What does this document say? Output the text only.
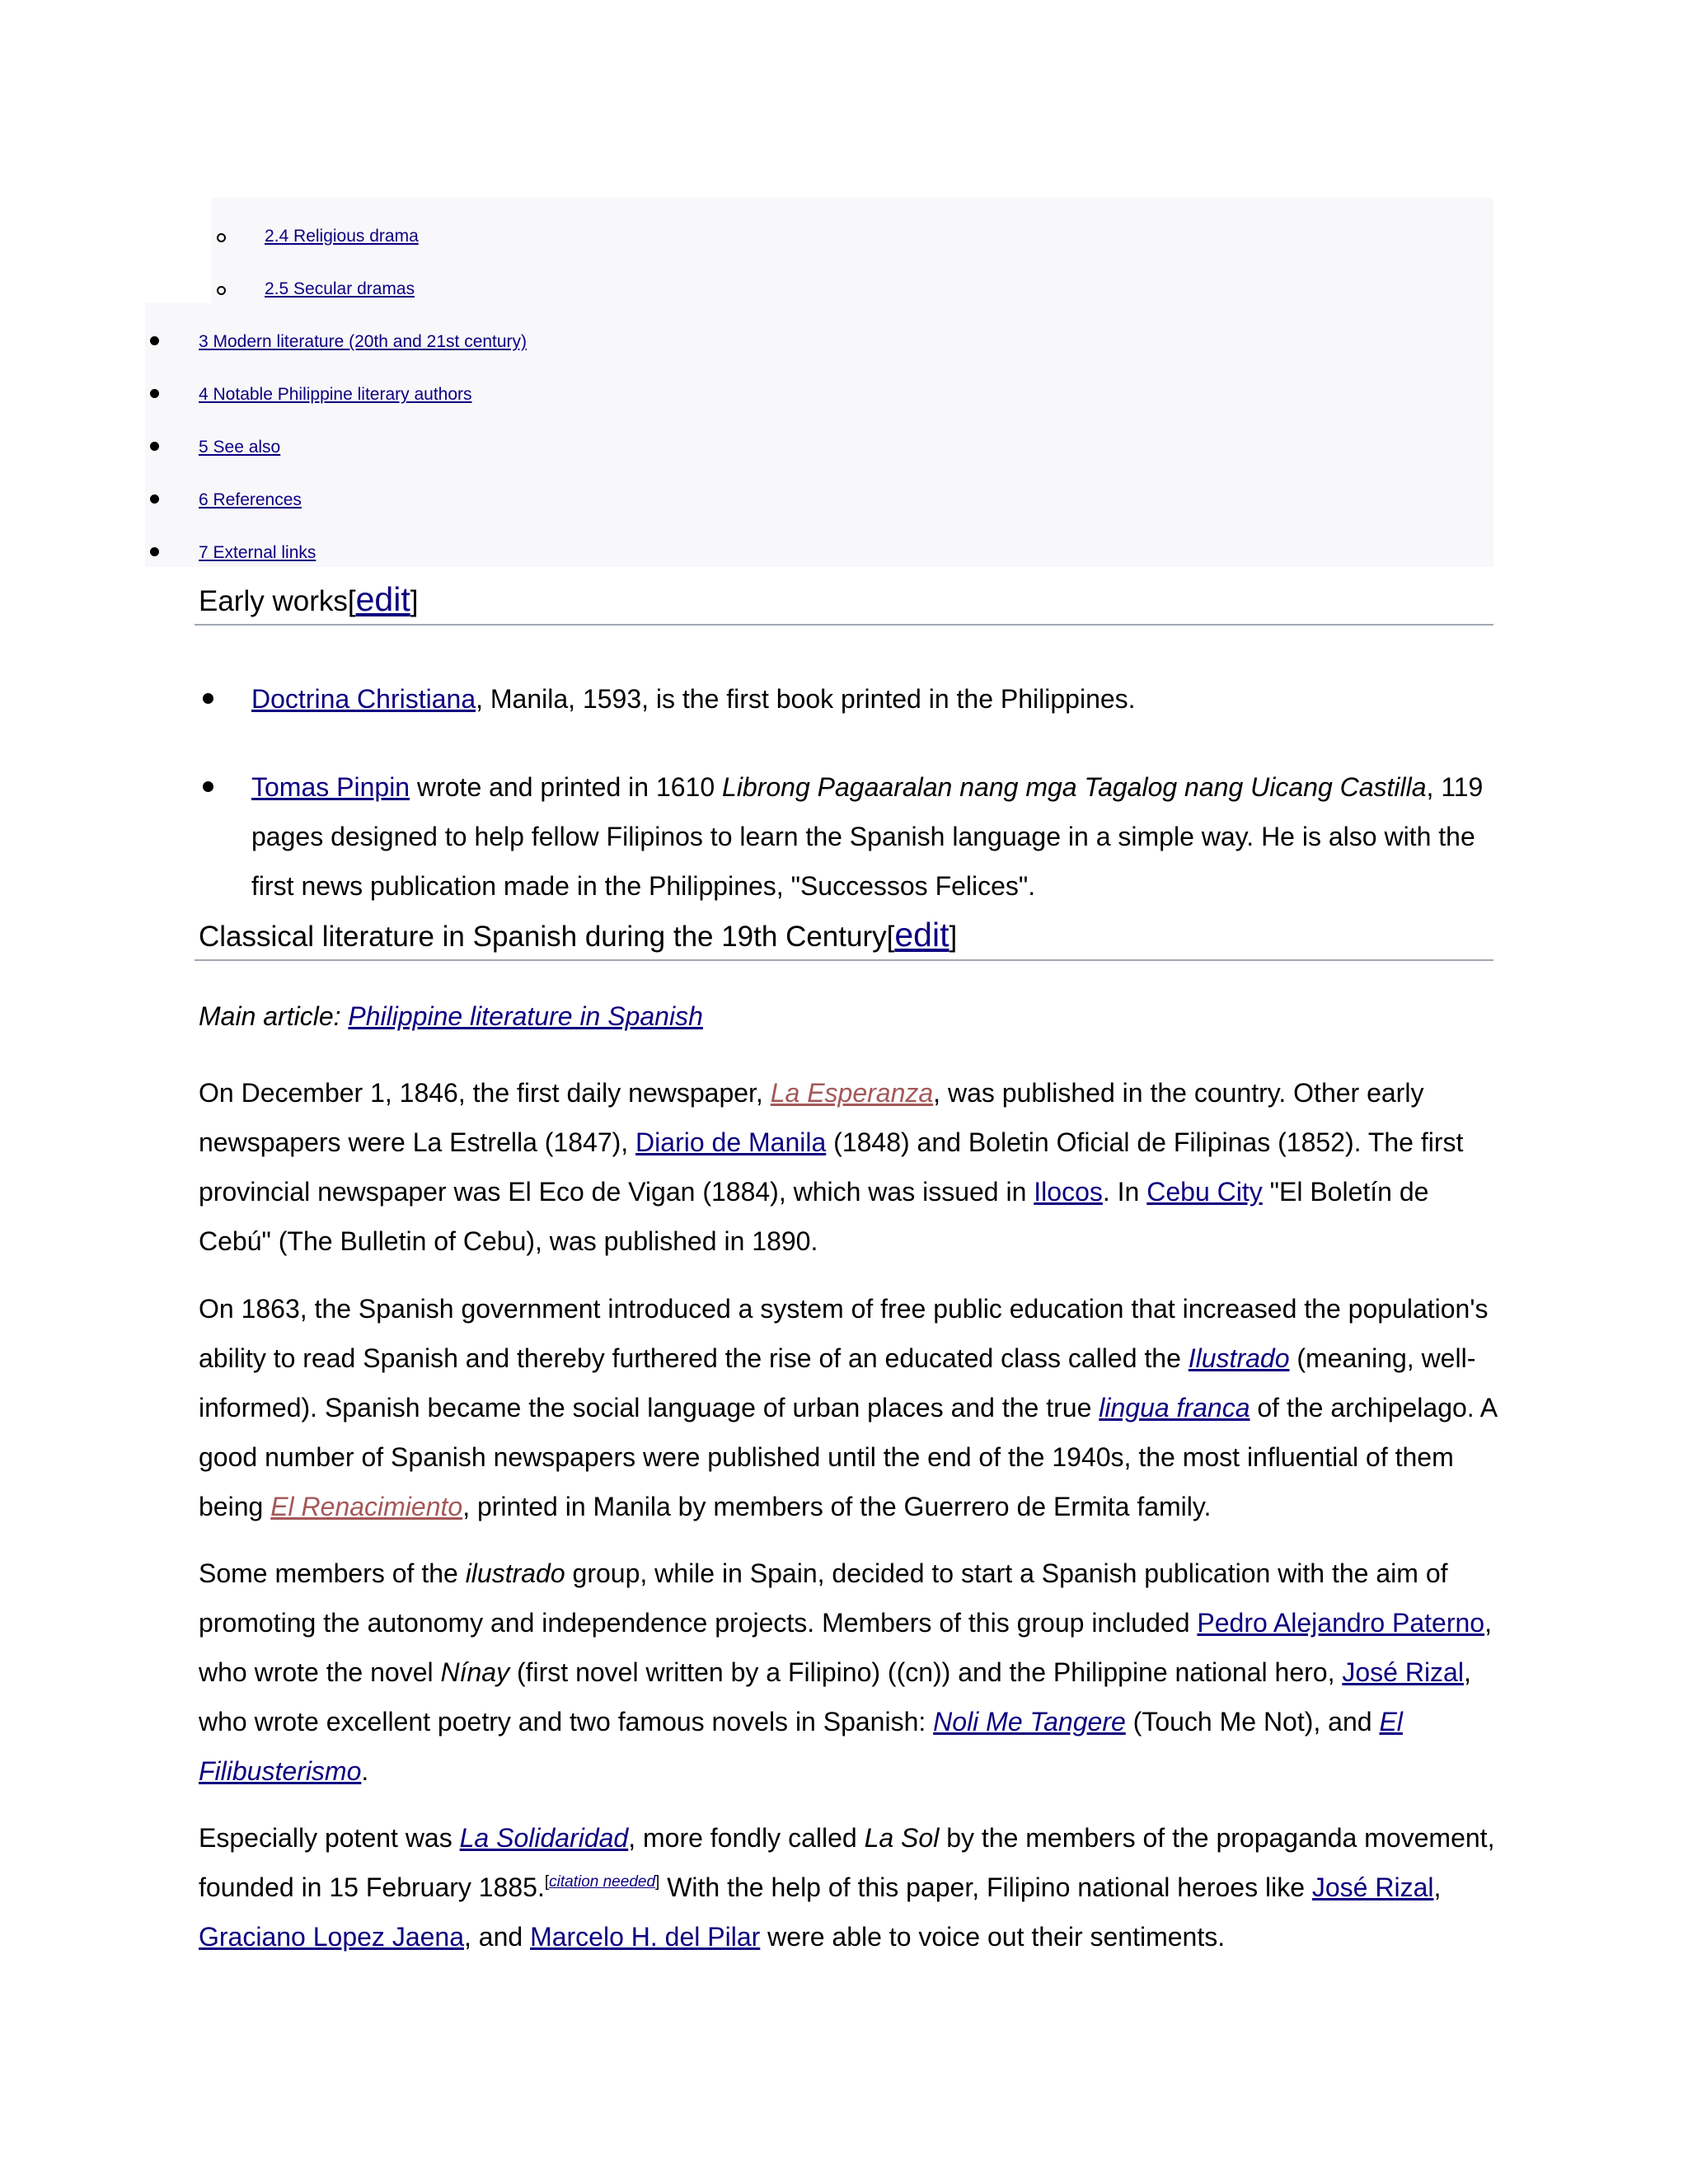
2.4 Religious drama
2.5 Secular dramas
3 Modern literature (20th and 21st century)
4 Notable Philippine literary authors
5 See also
6 References
7 External links
Early works[edit]
Doctrina Christiana, Manila, 1593, is the first book printed in the Philippines.
Tomas Pinpin wrote and printed in 1610 Librong Pagaaralan nang mga Tagalog nang Uicang Castilla, 119 pages designed to help fellow Filipinos to learn the Spanish language in a simple way. He is also with the first news publication made in the Philippines, "Successos Felices".
Classical literature in Spanish during the 19th Century[edit]
Main article: Philippine literature in Spanish
On December 1, 1846, the first daily newspaper, La Esperanza, was published in the country. Other early newspapers were La Estrella (1847), Diario de Manila (1848) and Boletin Oficial de Filipinas (1852). The first provincial newspaper was El Eco de Vigan (1884), which was issued in Ilocos. In Cebu City "El Boletín de Cebú" (The Bulletin of Cebu), was published in 1890.
On 1863, the Spanish government introduced a system of free public education that increased the population's ability to read Spanish and thereby furthered the rise of an educated class called the Ilustrado (meaning, well-informed). Spanish became the social language of urban places and the true lingua franca of the archipelago. A good number of Spanish newspapers were published until the end of the 1940s, the most influential of them being El Renacimiento, printed in Manila by members of the Guerrero de Ermita family.
Some members of the ilustrado group, while in Spain, decided to start a Spanish publication with the aim of promoting the autonomy and independence projects. Members of this group included Pedro Alejandro Paterno, who wrote the novel Nínay (first novel written by a Filipino) ((cn)) and the Philippine national hero, José Rizal, who wrote excellent poetry and two famous novels in Spanish: Noli Me Tangere (Touch Me Not), and El Filibusterismo.
Especially potent was La Solidaridad, more fondly called La Sol by the members of the propaganda movement, founded in 15 February 1885.[citation needed] With the help of this paper, Filipino national heroes like José Rizal, Graciano Lopez Jaena, and Marcelo H. del Pilar were able to voice out their sentiments.
